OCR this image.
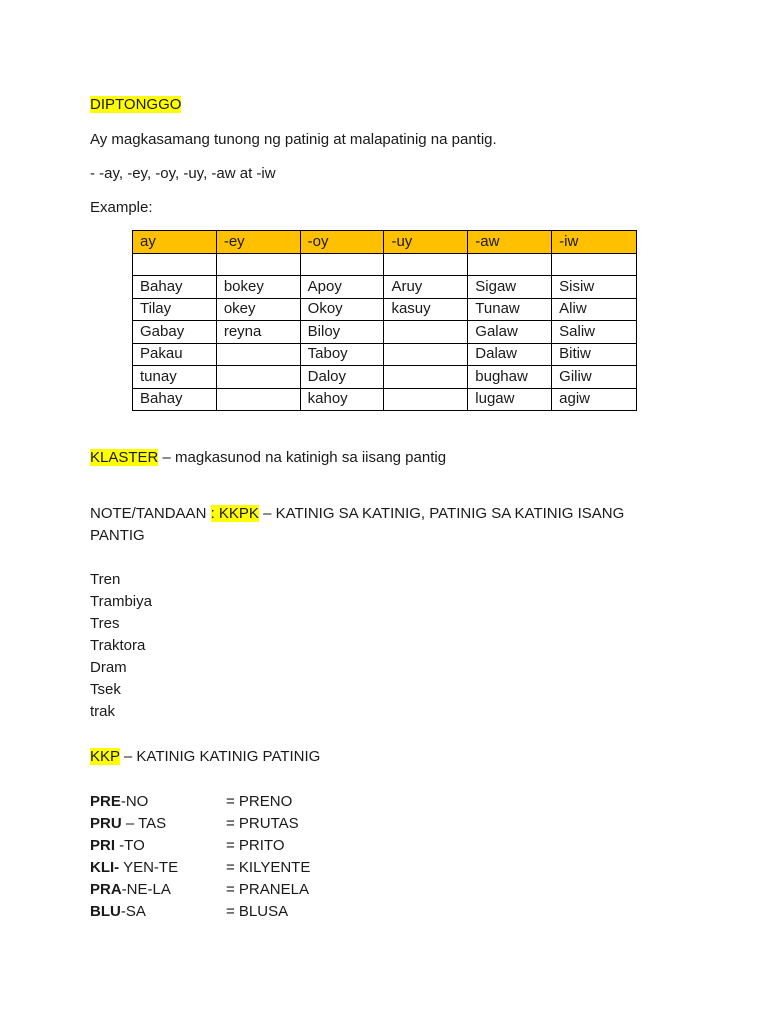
DIPTONGGO
Ay magkasamang tunong ng patinig at malapatinig na pantig.
- -ay, -ey, -oy, -uy, -aw at -iw
Example:
ay	-ey	-oy	-uy	-aw	-iw

Bahay	bokey	Apoy	Aruy	Sigaw	Sisiw
Tilay	okey	Okoy	kasuy	Tunaw	Aliw
Gabay	reyna	Biloy		Galaw	Saliw
Pakau		Taboy		Dalaw	Bitiw
tunay		Daloy		bughaw	Giliw
Bahay		kahoy		lugaw	agiw
KLASTER – magkasunod na katinigh sa iisang pantig
NOTE/TANDAAN : KKPK – KATINIG SA KATINIG, PATINIG SA KATINIG ISANG
PANTIG
Tren
Trambiya
Tres
Traktora
Dram
Tsek
trak
KKP – KATINIG KATINIG PATINIG
PRE-NO	= PRENO
PRU – TAS	= PRUTAS
PRI -TO	= PRITO
KLI- YEN-TE	= KILYENTE
PRA-NE-LA	= PRANELA
BLU-SA	= BLUSA
